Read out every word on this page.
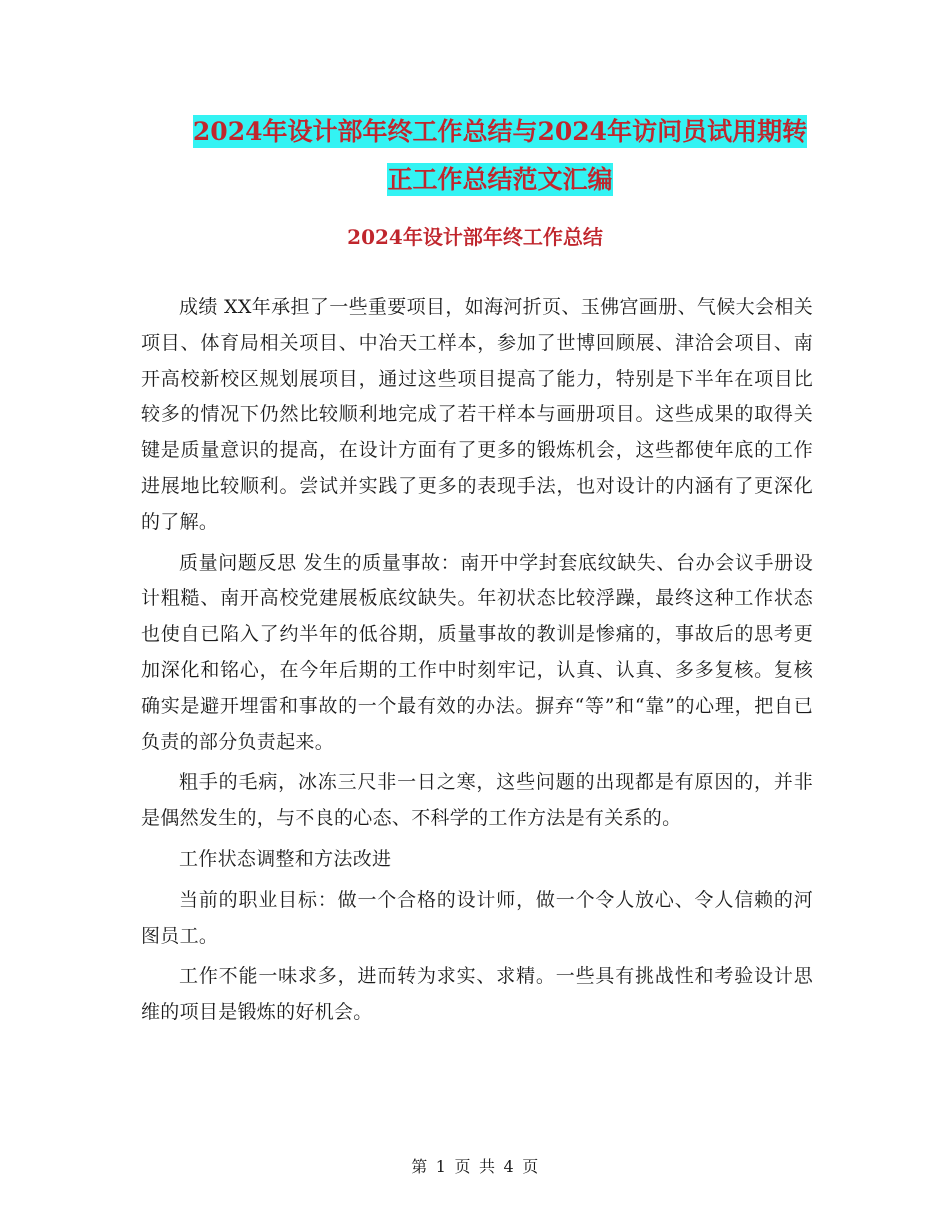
2024年设计部年终工作总结与2024年访问员试用期转
正工作总结范文汇编
2024年设计部年终工作总结

成绩 XX年承担了一些重要项目，如海河折页、玉佛宫画册、气候大会相关项目、体育局相关项目、中冶天工样本，参加了世博回顾展、津洽会项目、南开高校新校区规划展项目，通过这些项目提高了能力，特别是下半年在项目比较多的情况下仍然比较顺利地完成了若干样本与画册项目。这些成果的取得关键是质量意识的提高，在设计方面有了更多的锻炼机会，这些都使年底的工作进展地比较顺利。尝试并实践了更多的表现手法，也对设计的内涵有了更深化的了解。

质量问题反思 发生的质量事故：南开中学封套底纹缺失、台办会议手册设计粗糙、南开高校党建展板底纹缺失。年初状态比较浮躁，最终这种工作状态也使自已陷入了约半年的低谷期，质量事故的教训是惨痛的，事故后的思考更加深化和铭心，在今年后期的工作中时刻牢记，认真、认真、多多复核。复核确实是避开埋雷和事故的一个最有效的办法。摒弃“等”和“靠”的心理，把自已负责的部分负责起来。

粗手的毛病，冰冻三尺非一日之寒，这些问题的出现都是有原因的，并非是偶然发生的，与不良的心态、不科学的工作方法是有关系的。

工作状态调整和方法改进

当前的职业目标：做一个合格的设计师，做一个令人放心、令人信赖的河图员工。

工作不能一味求多，进而转为求实、求精。一些具有挑战性和考验设计思维的项目是锻炼的好机会。

第 1 页 共 4 页
